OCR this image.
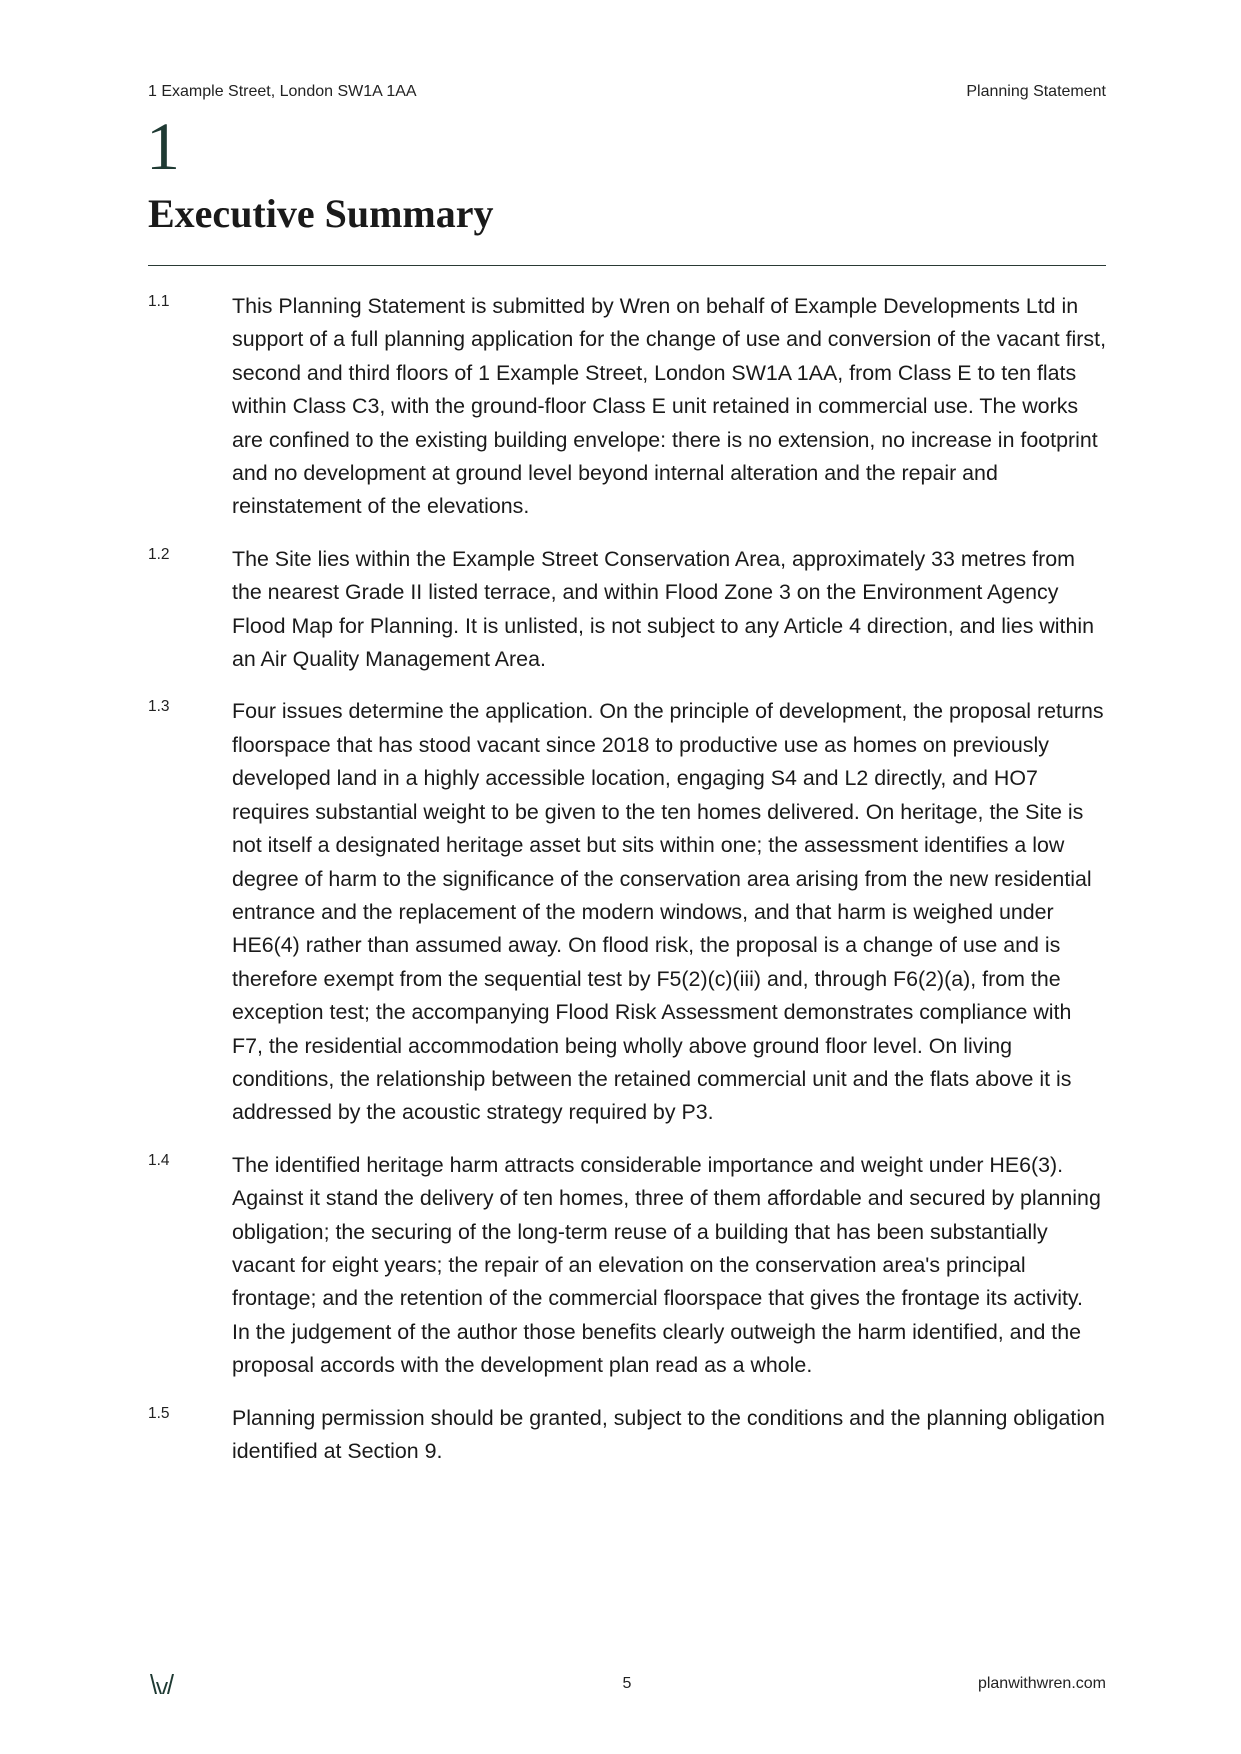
1 Example Street, London SW1A 1AA	Planning Statement
1
Executive Summary
1.1	This Planning Statement is submitted by Wren on behalf of Example Developments Ltd in support of a full planning application for the change of use and conversion of the vacant first, second and third floors of 1 Example Street, London SW1A 1AA, from Class E to ten flats within Class C3, with the ground-floor Class E unit retained in commercial use. The works are confined to the existing building envelope: there is no extension, no increase in footprint and no development at ground level beyond internal alteration and the repair and reinstatement of the elevations.
1.2	The Site lies within the Example Street Conservation Area, approximately 33 metres from the nearest Grade II listed terrace, and within Flood Zone 3 on the Environment Agency Flood Map for Planning. It is unlisted, is not subject to any Article 4 direction, and lies within an Air Quality Management Area.
1.3	Four issues determine the application. On the principle of development, the proposal returns floorspace that has stood vacant since 2018 to productive use as homes on previously developed land in a highly accessible location, engaging S4 and L2 directly, and HO7 requires substantial weight to be given to the ten homes delivered. On heritage, the Site is not itself a designated heritage asset but sits within one; the assessment identifies a low degree of harm to the significance of the conservation area arising from the new residential entrance and the replacement of the modern windows, and that harm is weighed under HE6(4) rather than assumed away. On flood risk, the proposal is a change of use and is therefore exempt from the sequential test by F5(2)(c)(iii) and, through F6(2)(a), from the exception test; the accompanying Flood Risk Assessment demonstrates compliance with F7, the residential accommodation being wholly above ground floor level. On living conditions, the relationship between the retained commercial unit and the flats above it is addressed by the acoustic strategy required by P3.
1.4	The identified heritage harm attracts considerable importance and weight under HE6(3). Against it stand the delivery of ten homes, three of them affordable and secured by planning obligation; the securing of the long-term reuse of a building that has been substantially vacant for eight years; the repair of an elevation on the conservation area's principal frontage; and the retention of the commercial floorspace that gives the frontage its activity. In the judgement of the author those benefits clearly outweigh the harm identified, and the proposal accords with the development plan read as a whole.
1.5	Planning permission should be granted, subject to the conditions and the planning obligation identified at Section 9.
5	planwithwren.com
